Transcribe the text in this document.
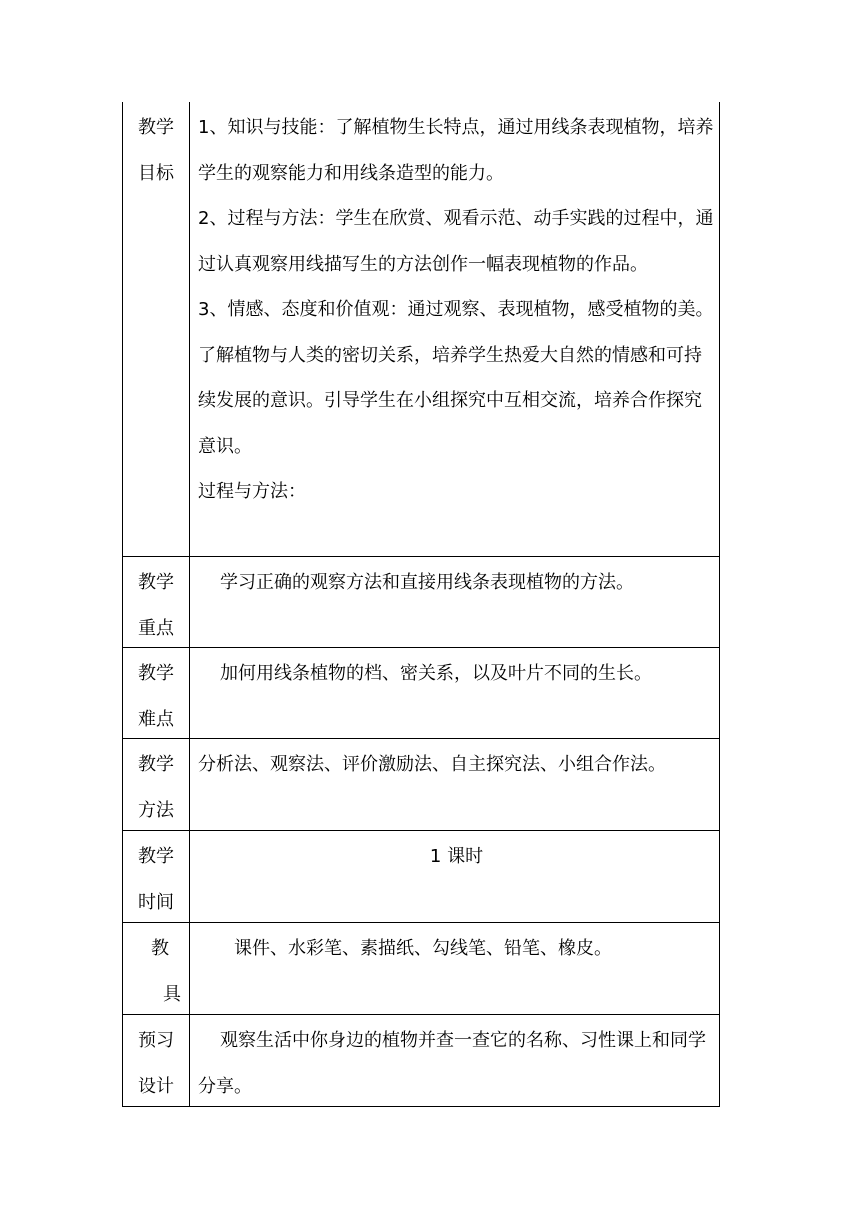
教学
目标

1、知识与技能：了解植物生长特点，通过用线条表现植物，培养学生的观察能力和用线条造型的能力。

2、过程与方法：学生在欣赏、观看示范、动手实践的过程中，通过认真观察用线描写生的方法创作一幅表现植物的作品。

3、情感、态度和价值观：通过观察、表现植物，感受植物的美。了解植物与人类的密切关系，培养学生热爱大自然的情感和可持续发展的意识。引导学生在小组探究中互相交流，培养合作探究意识。

过程与方法：

教学
重点
学习正确的观察方法和直接用线条表现植物的方法。
教学
难点
加何用线条植物的档、密关系，以及叶片不同的生长。
教学
方法
分析法、观察法、评价激励法、自主探究法、小组合作法。
教学
时间
1 课时
教
具
课件、水彩笔、素描纸、勾线笔、铅笔、橡皮。
预习
设计
观察生活中你身边的植物并查一查它的名称、习性课上和同学分享。
